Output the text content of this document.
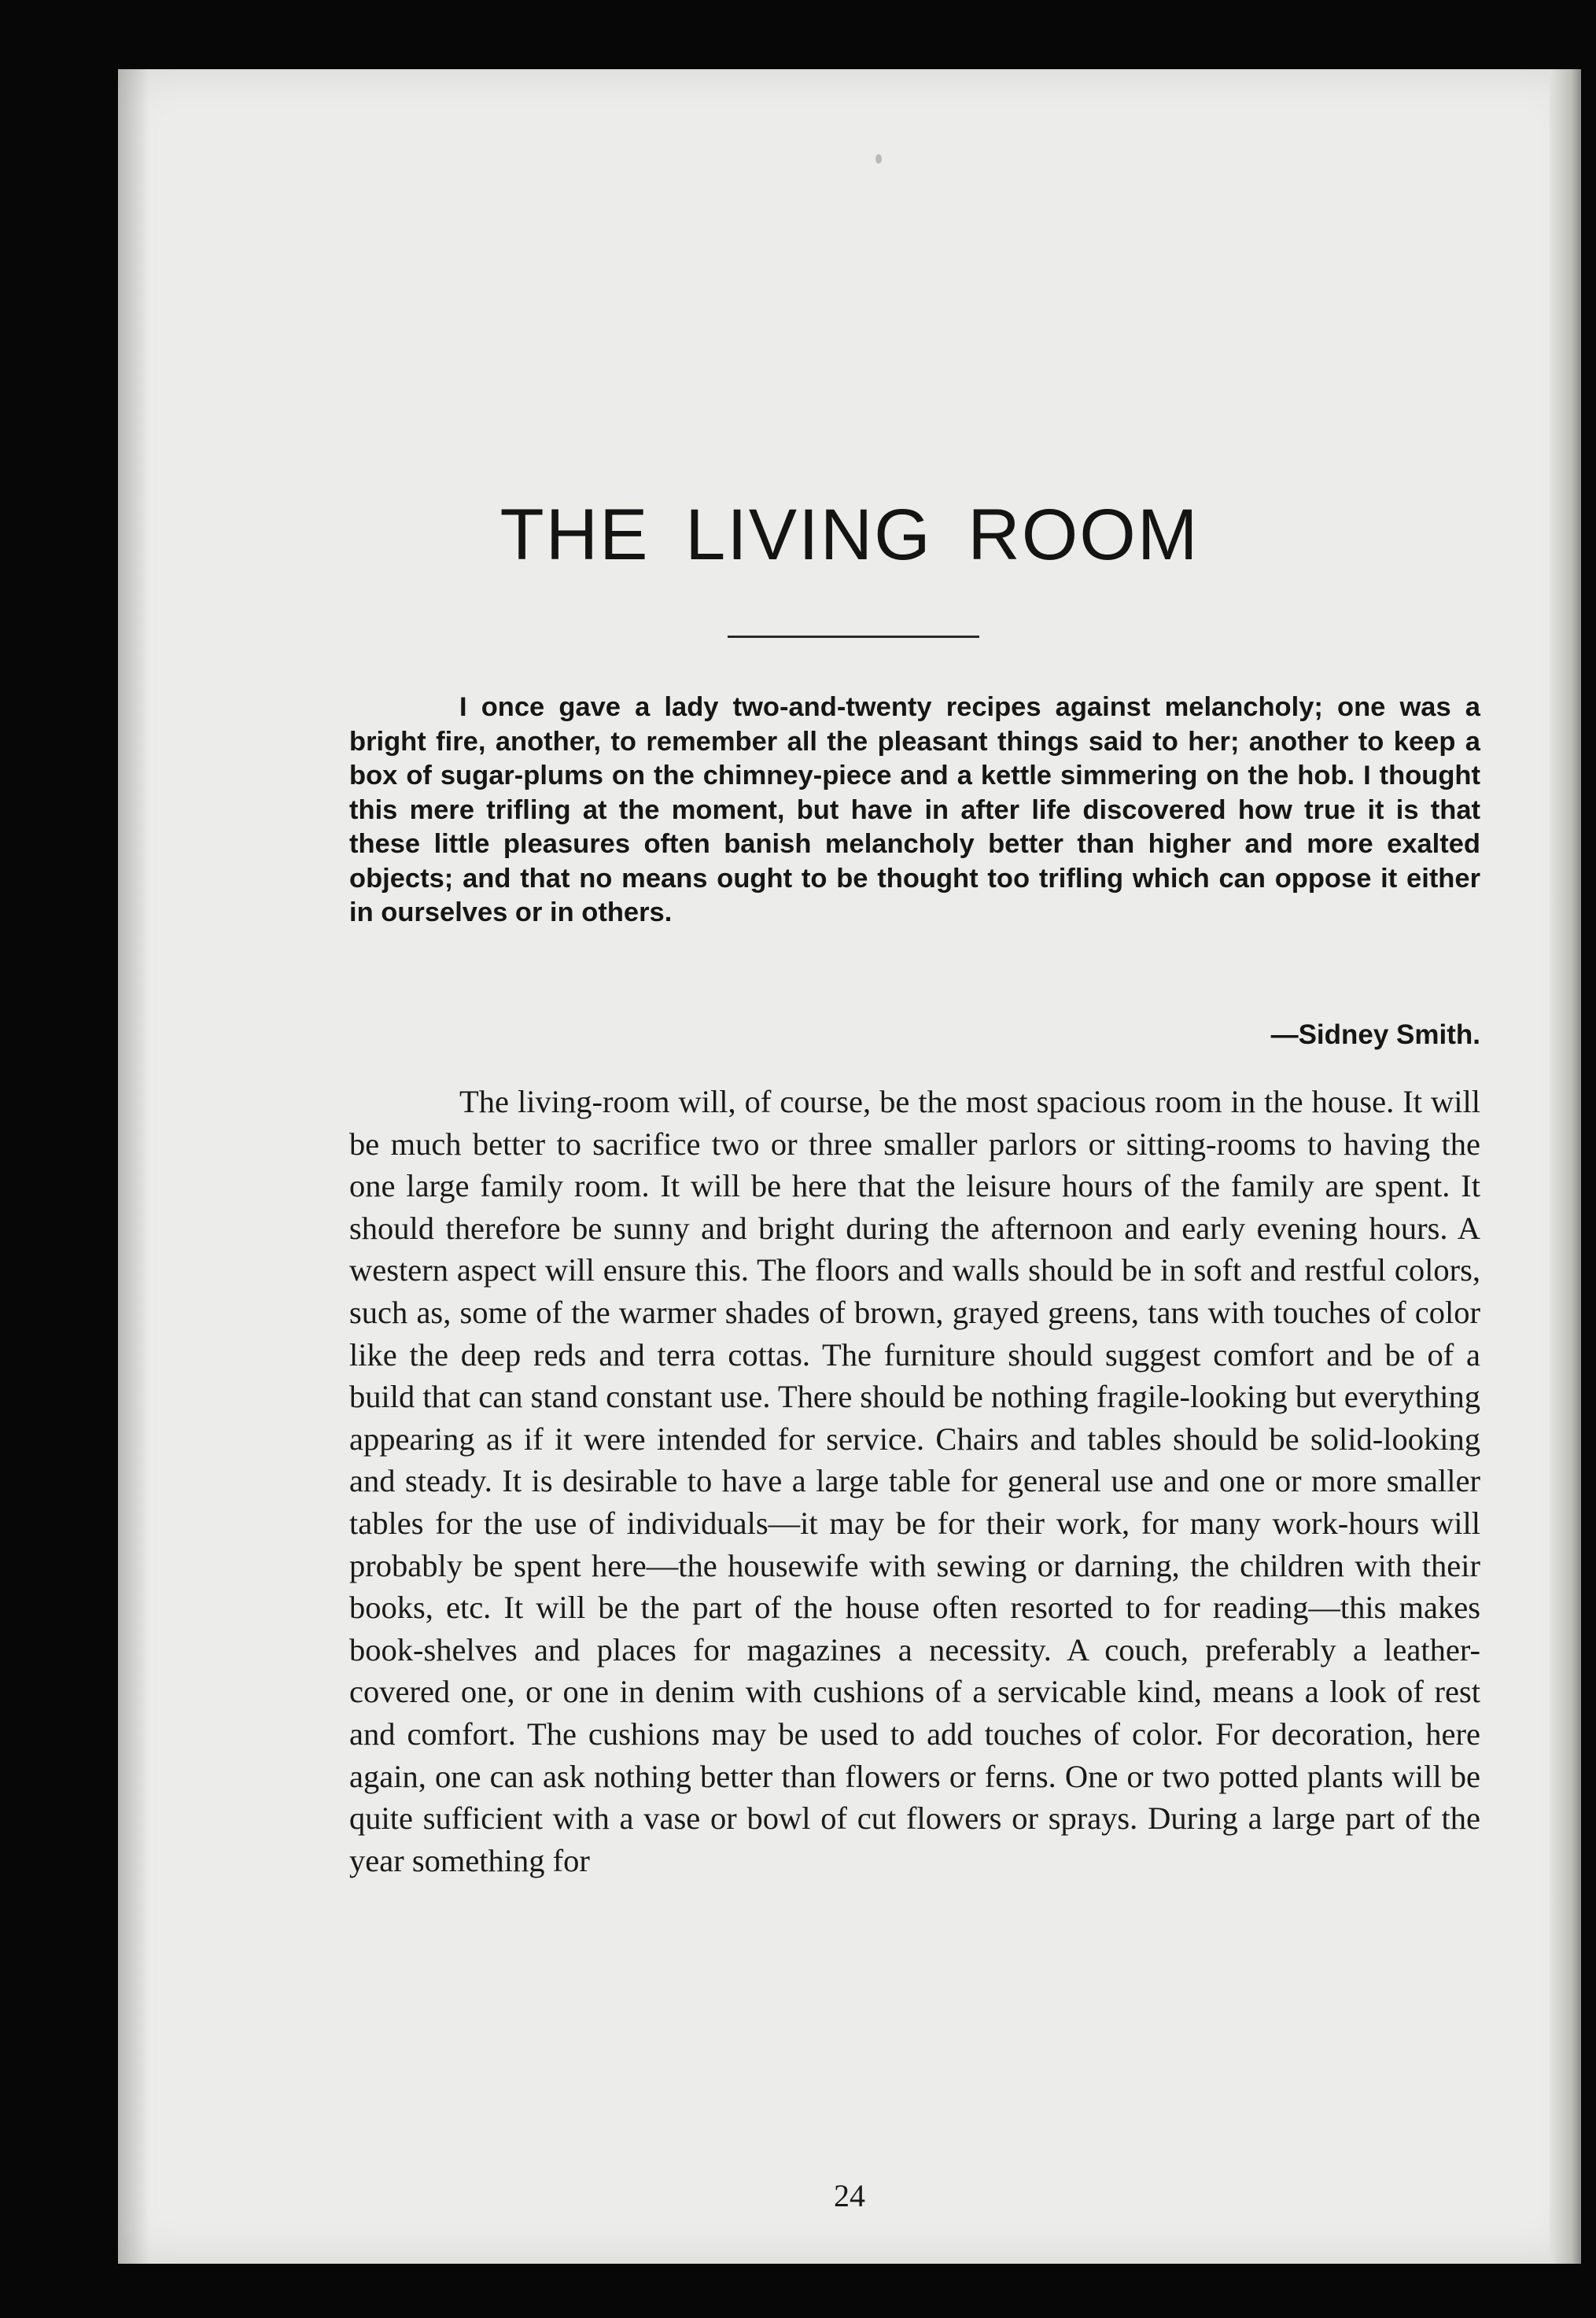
THE LIVING ROOM

I once gave a lady two-and-twenty recipes against melancholy; one was a bright fire, another, to remember all the pleasant things said to her; another to keep a box of sugar-plums on the chimney-piece and a kettle simmering on the hob. I thought this mere trifling at the moment, but have in after life discovered how true it is that these little pleasures often banish melancholy better than higher and more exalted objects; and that no means ought to be thought too trifling which can oppose it either in ourselves or in others.

—Sidney Smith.

The living-room will, of course, be the most spacious room in the house. It will be much better to sacrifice two or three smaller parlors or sitting-rooms to having the one large family room. It will be here that the leisure hours of the family are spent. It should therefore be sunny and bright during the afternoon and early evening hours. A western aspect will ensure this. The floors and walls should be in soft and restful colors, such as, some of the warmer shades of brown, grayed greens, tans with touches of color like the deep reds and terra cottas. The furniture should suggest comfort and be of a build that can stand constant use. There should be nothing fragile-looking but everything appearing as if it were intended for service. Chairs and tables should be solid-looking and steady. It is desirable to have a large table for general use and one or more smaller tables for the use of individuals—it may be for their work, for many work-hours will probably be spent here—the housewife with sewing or darning, the children with their books, etc. It will be the part of the house often resorted to for reading—this makes book-shelves and places for magazines a necessity. A couch, preferably a leather-covered one, or one in denim with cushions of a servicable kind, means a look of rest and comfort. The cushions may be used to add touches of color. For decoration, here again, one can ask nothing better than flowers or ferns. One or two potted plants will be quite sufficient with a vase or bowl of cut flowers or sprays. During a large part of the year something for

24
